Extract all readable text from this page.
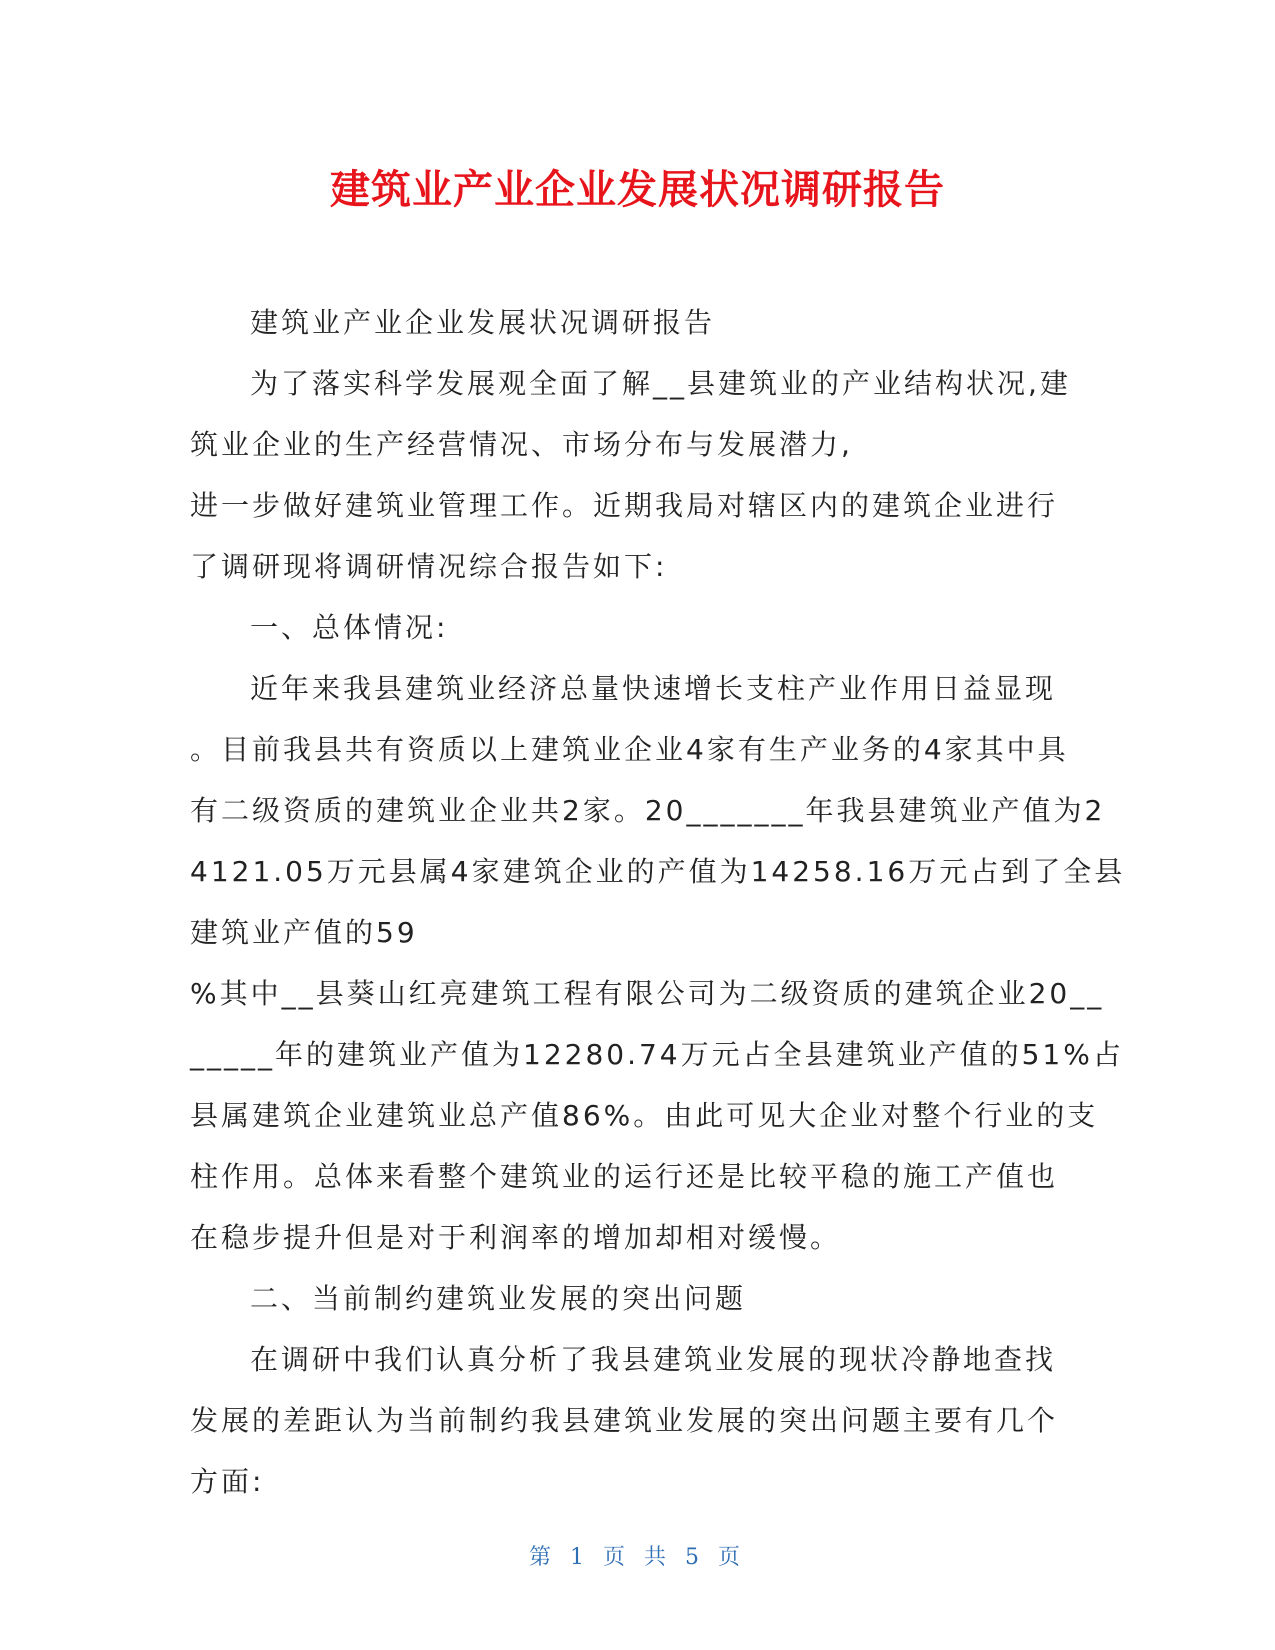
建筑业产业企业发展状况调研报告

建筑业产业企业发展状况调研报告

为了落实科学发展观全面了解__县建筑业的产业结构状况,建

筑业企业的生产经营情况、市场分布与发展潜力,

进一步做好建筑业管理工作。近期我局对辖区内的建筑企业进行

了调研现将调研情况综合报告如下:

一、总体情况:

近年来我县建筑业经济总量快速增长支柱产业作用日益显现

。目前我县共有资质以上建筑业企业4家有生产业务的4家其中具

有二级资质的建筑业企业共2家。20_______年我县建筑业产值为2

4121.05万元县属4家建筑企业的产值为14258.16万元占到了全县

建筑业产值的59

%其中__县葵山红亮建筑工程有限公司为二级资质的建筑企业20__

_____年的建筑业产值为12280.74万元占全县建筑业产值的51%占

县属建筑企业建筑业总产值86%。由此可见大企业对整个行业的支

柱作用。总体来看整个建筑业的运行还是比较平稳的施工产值也

在稳步提升但是对于利润率的增加却相对缓慢。

二、当前制约建筑业发展的突出问题

在调研中我们认真分析了我县建筑业发展的现状冷静地查找

发展的差距认为当前制约我县建筑业发展的突出问题主要有几个

方面:

第 1 页 共 5 页
